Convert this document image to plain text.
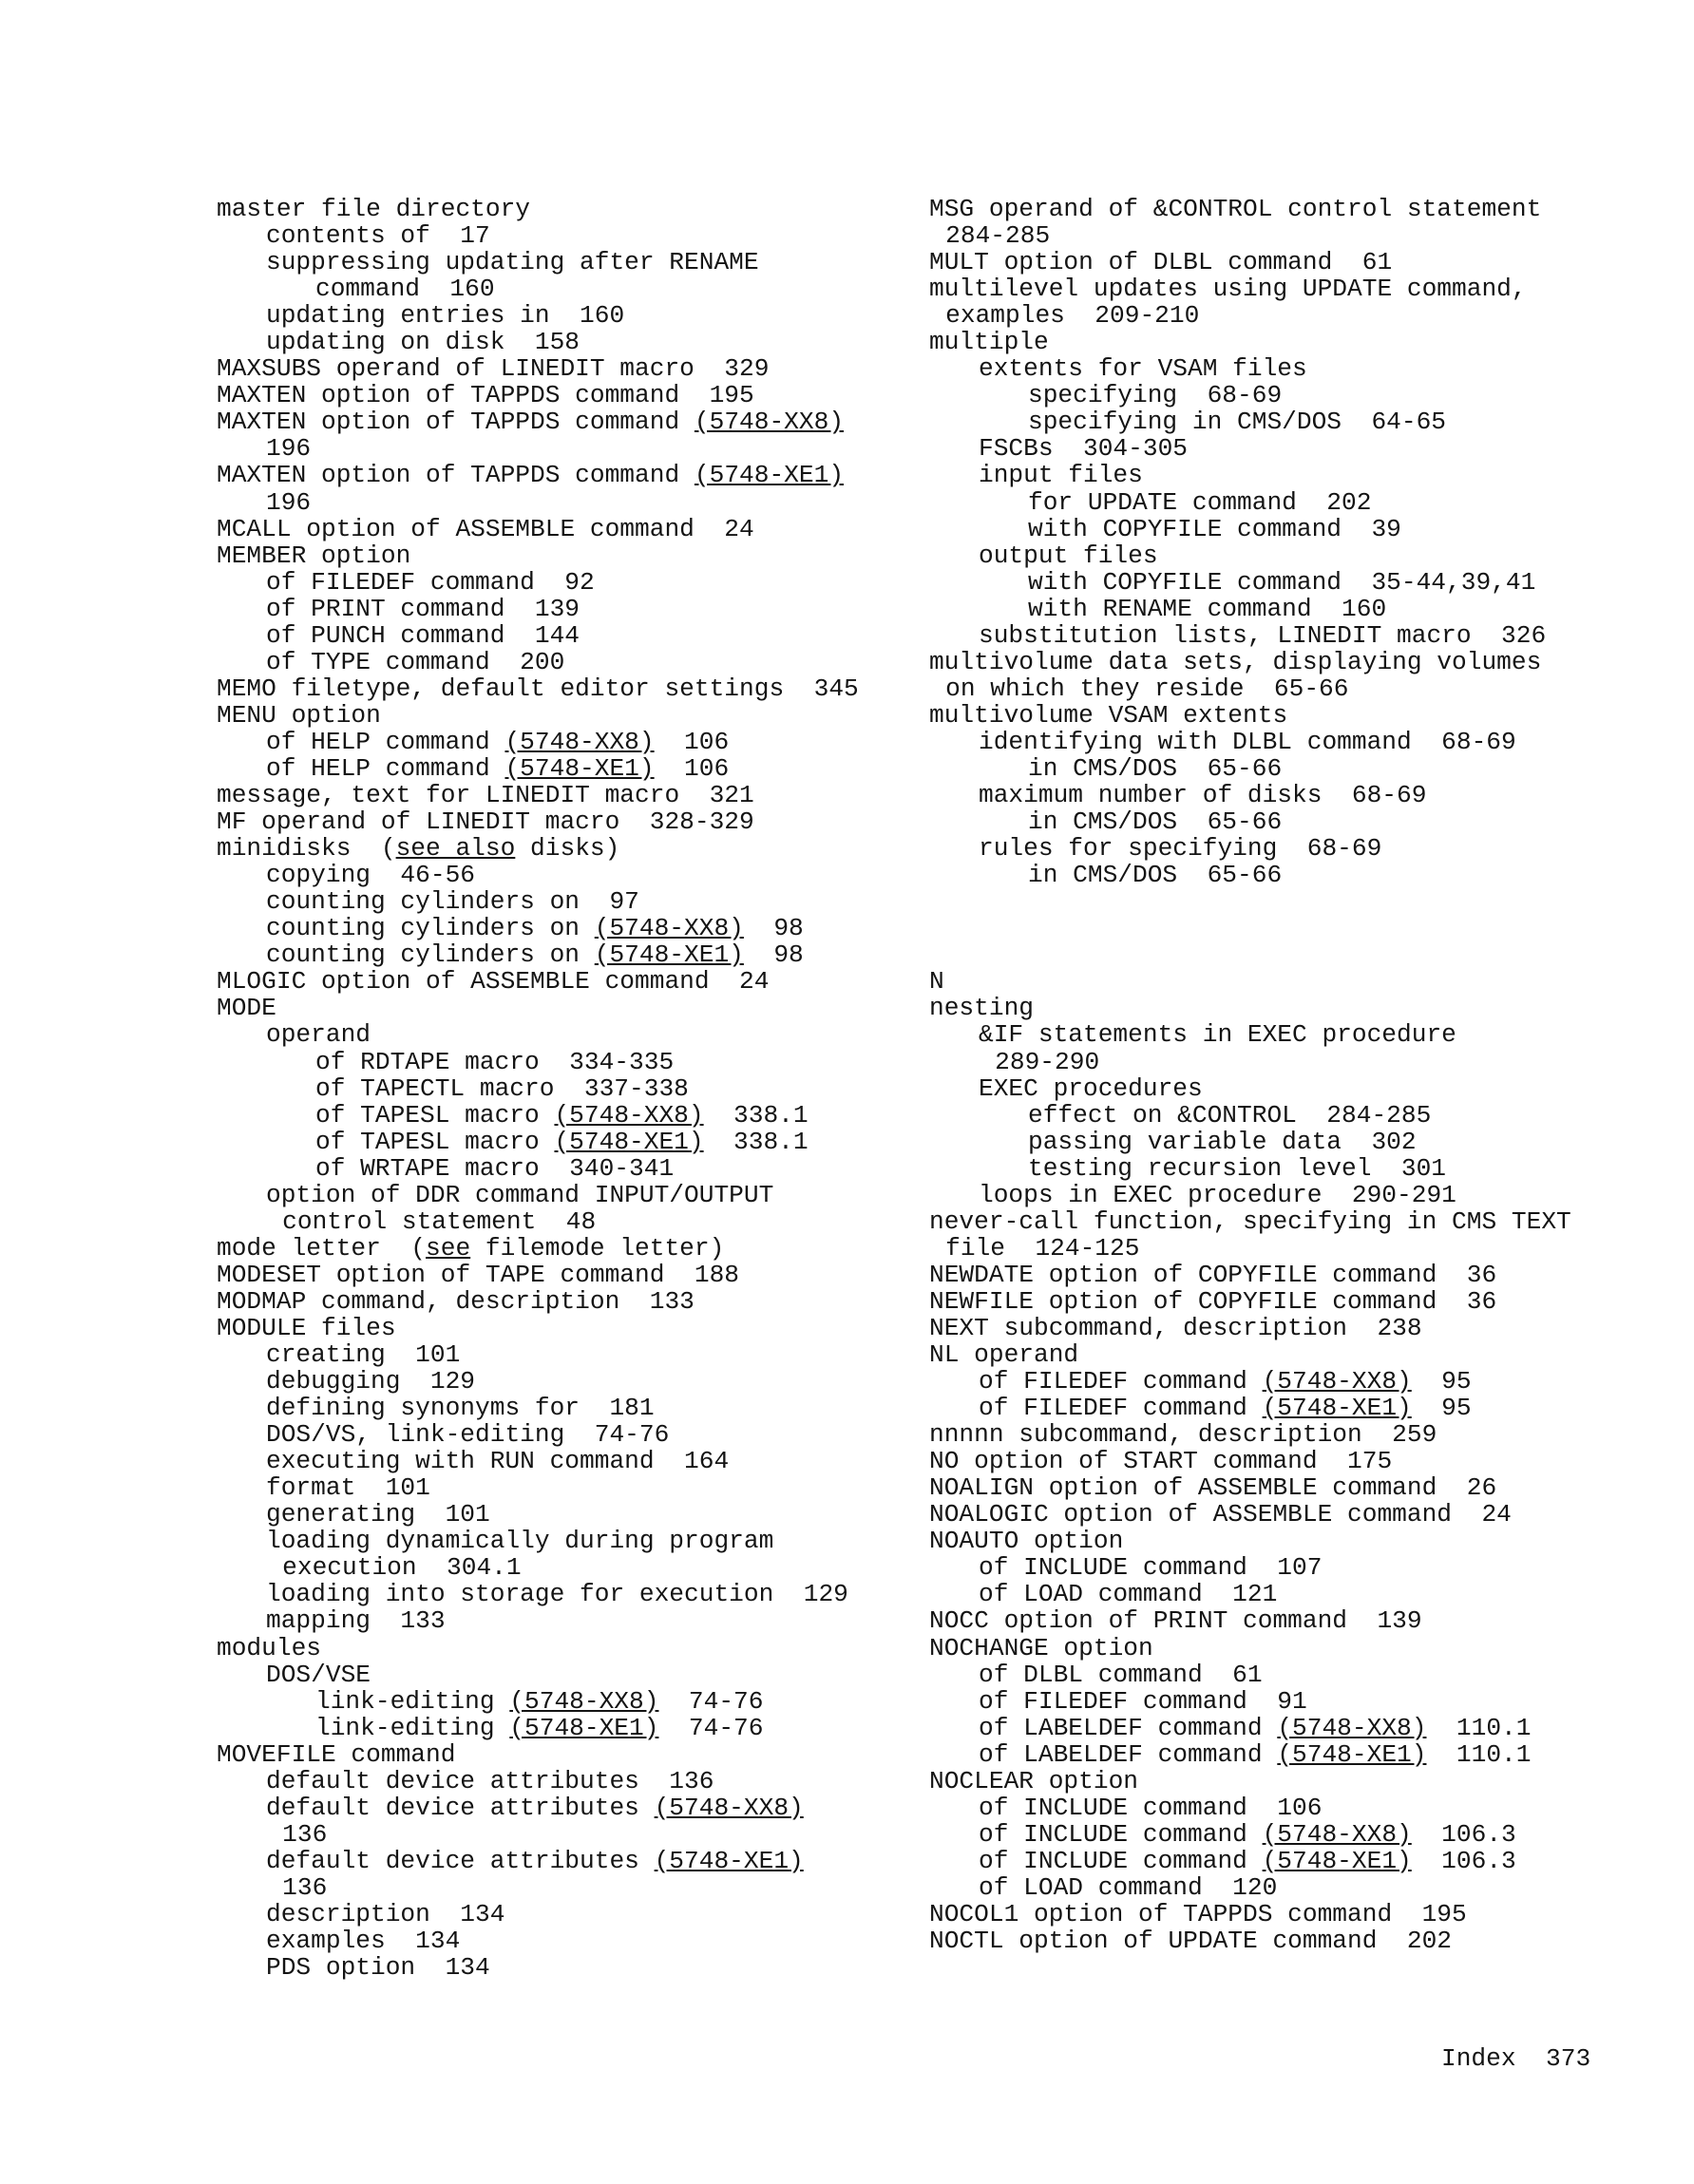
master file directory
contents of  17
suppressing updating after RENAME
command  160
updating entries in  160
updating on disk  158
MAXSUBS operand of LINEDIT macro  329
MAXTEN option of TAPPDS command  195
MAXTEN option of TAPPDS command (5748-XX8)
196
MAXTEN option of TAPPDS command (5748-XE1)
196
MCALL option of ASSEMBLE command  24
MEMBER option
of FILEDEF command  92
of PRINT command  139
of PUNCH command  144
of TYPE command  200
MEMO filetype, default editor settings  345
MENU option
of HELP command (5748-XX8)  106
of HELP command (5748-XE1)  106
message, text for LINEDIT macro  321
MF operand of LINEDIT macro  328-329
minidisks  (see also disks)
copying  46-56
counting cylinders on  97
counting cylinders on (5748-XX8)  98
counting cylinders on (5748-XE1)  98
MLOGIC option of ASSEMBLE command  24
MODE
operand
of RDTAPE macro  334-335
of TAPECTL macro  337-338
of TAPESL macro (5748-XX8)  338.1
of TAPESL macro (5748-XE1)  338.1
of WRTAPE macro  340-341
option of DDR command INPUT/OUTPUT
control statement  48
mode letter  (see filemode letter)
MODESET option of TAPE command  188
MODMAP command, description  133
MODULE files
creating  101
debugging  129
defining synonyms for  181
DOS/VS, link-editing  74-76
executing with RUN command  164
format  101
generating  101
loading dynamically during program
execution  304.1
loading into storage for execution  129
mapping  133
modules
DOS/VSE
link-editing (5748-XX8)  74-76
link-editing (5748-XE1)  74-76
MOVEFILE command
default device attributes  136
default device attributes (5748-XX8)
136
default device attributes (5748-XE1)
136
description  134
examples  134
PDS option  134
MSG operand of &CONTROL control statement
284-285
MULT option of DLBL command  61
multilevel updates using UPDATE command,
examples  209-210
multiple
extents for VSAM files
specifying  68-69
specifying in CMS/DOS  64-65
FSCBs  304-305
input files
for UPDATE command  202
with COPYFILE command  39
output files
with COPYFILE command  35-44,39,41
with RENAME command  160
substitution lists, LINEDIT macro  326
multivolume data sets, displaying volumes
on which they reside  65-66
multivolume VSAM extents
identifying with DLBL command  68-69
in CMS/DOS  65-66
maximum number of disks  68-69
in CMS/DOS  65-66
rules for specifying  68-69
in CMS/DOS  65-66
N
nesting
&IF statements in EXEC procedure
289-290
EXEC procedures
effect on &CONTROL  284-285
passing variable data  302
testing recursion level  301
loops in EXEC procedure  290-291
never-call function, specifying in CMS TEXT
file  124-125
NEWDATE option of COPYFILE command  36
NEWFILE option of COPYFILE command  36
NEXT subcommand, description  238
NL operand
of FILEDEF command (5748-XX8)  95
of FILEDEF command (5748-XE1)  95
nnnnn subcommand, description  259
NO option of START command  175
NOALIGN option of ASSEMBLE command  26
NOALOGIC option of ASSEMBLE command  24
NOAUTO option
of INCLUDE command  107
of LOAD command  121
NOCC option of PRINT command  139
NOCHANGE option
of DLBL command  61
of FILEDEF command  91
of LABELDEF command (5748-XX8)  110.1
of LABELDEF command (5748-XE1)  110.1
NOCLEAR option
of INCLUDE command  106
of INCLUDE command (5748-XX8)  106.3
of INCLUDE command (5748-XE1)  106.3
of LOAD command  120
NOCOL1 option of TAPPDS command  195
NOCTL option of UPDATE command  202
Index 373
